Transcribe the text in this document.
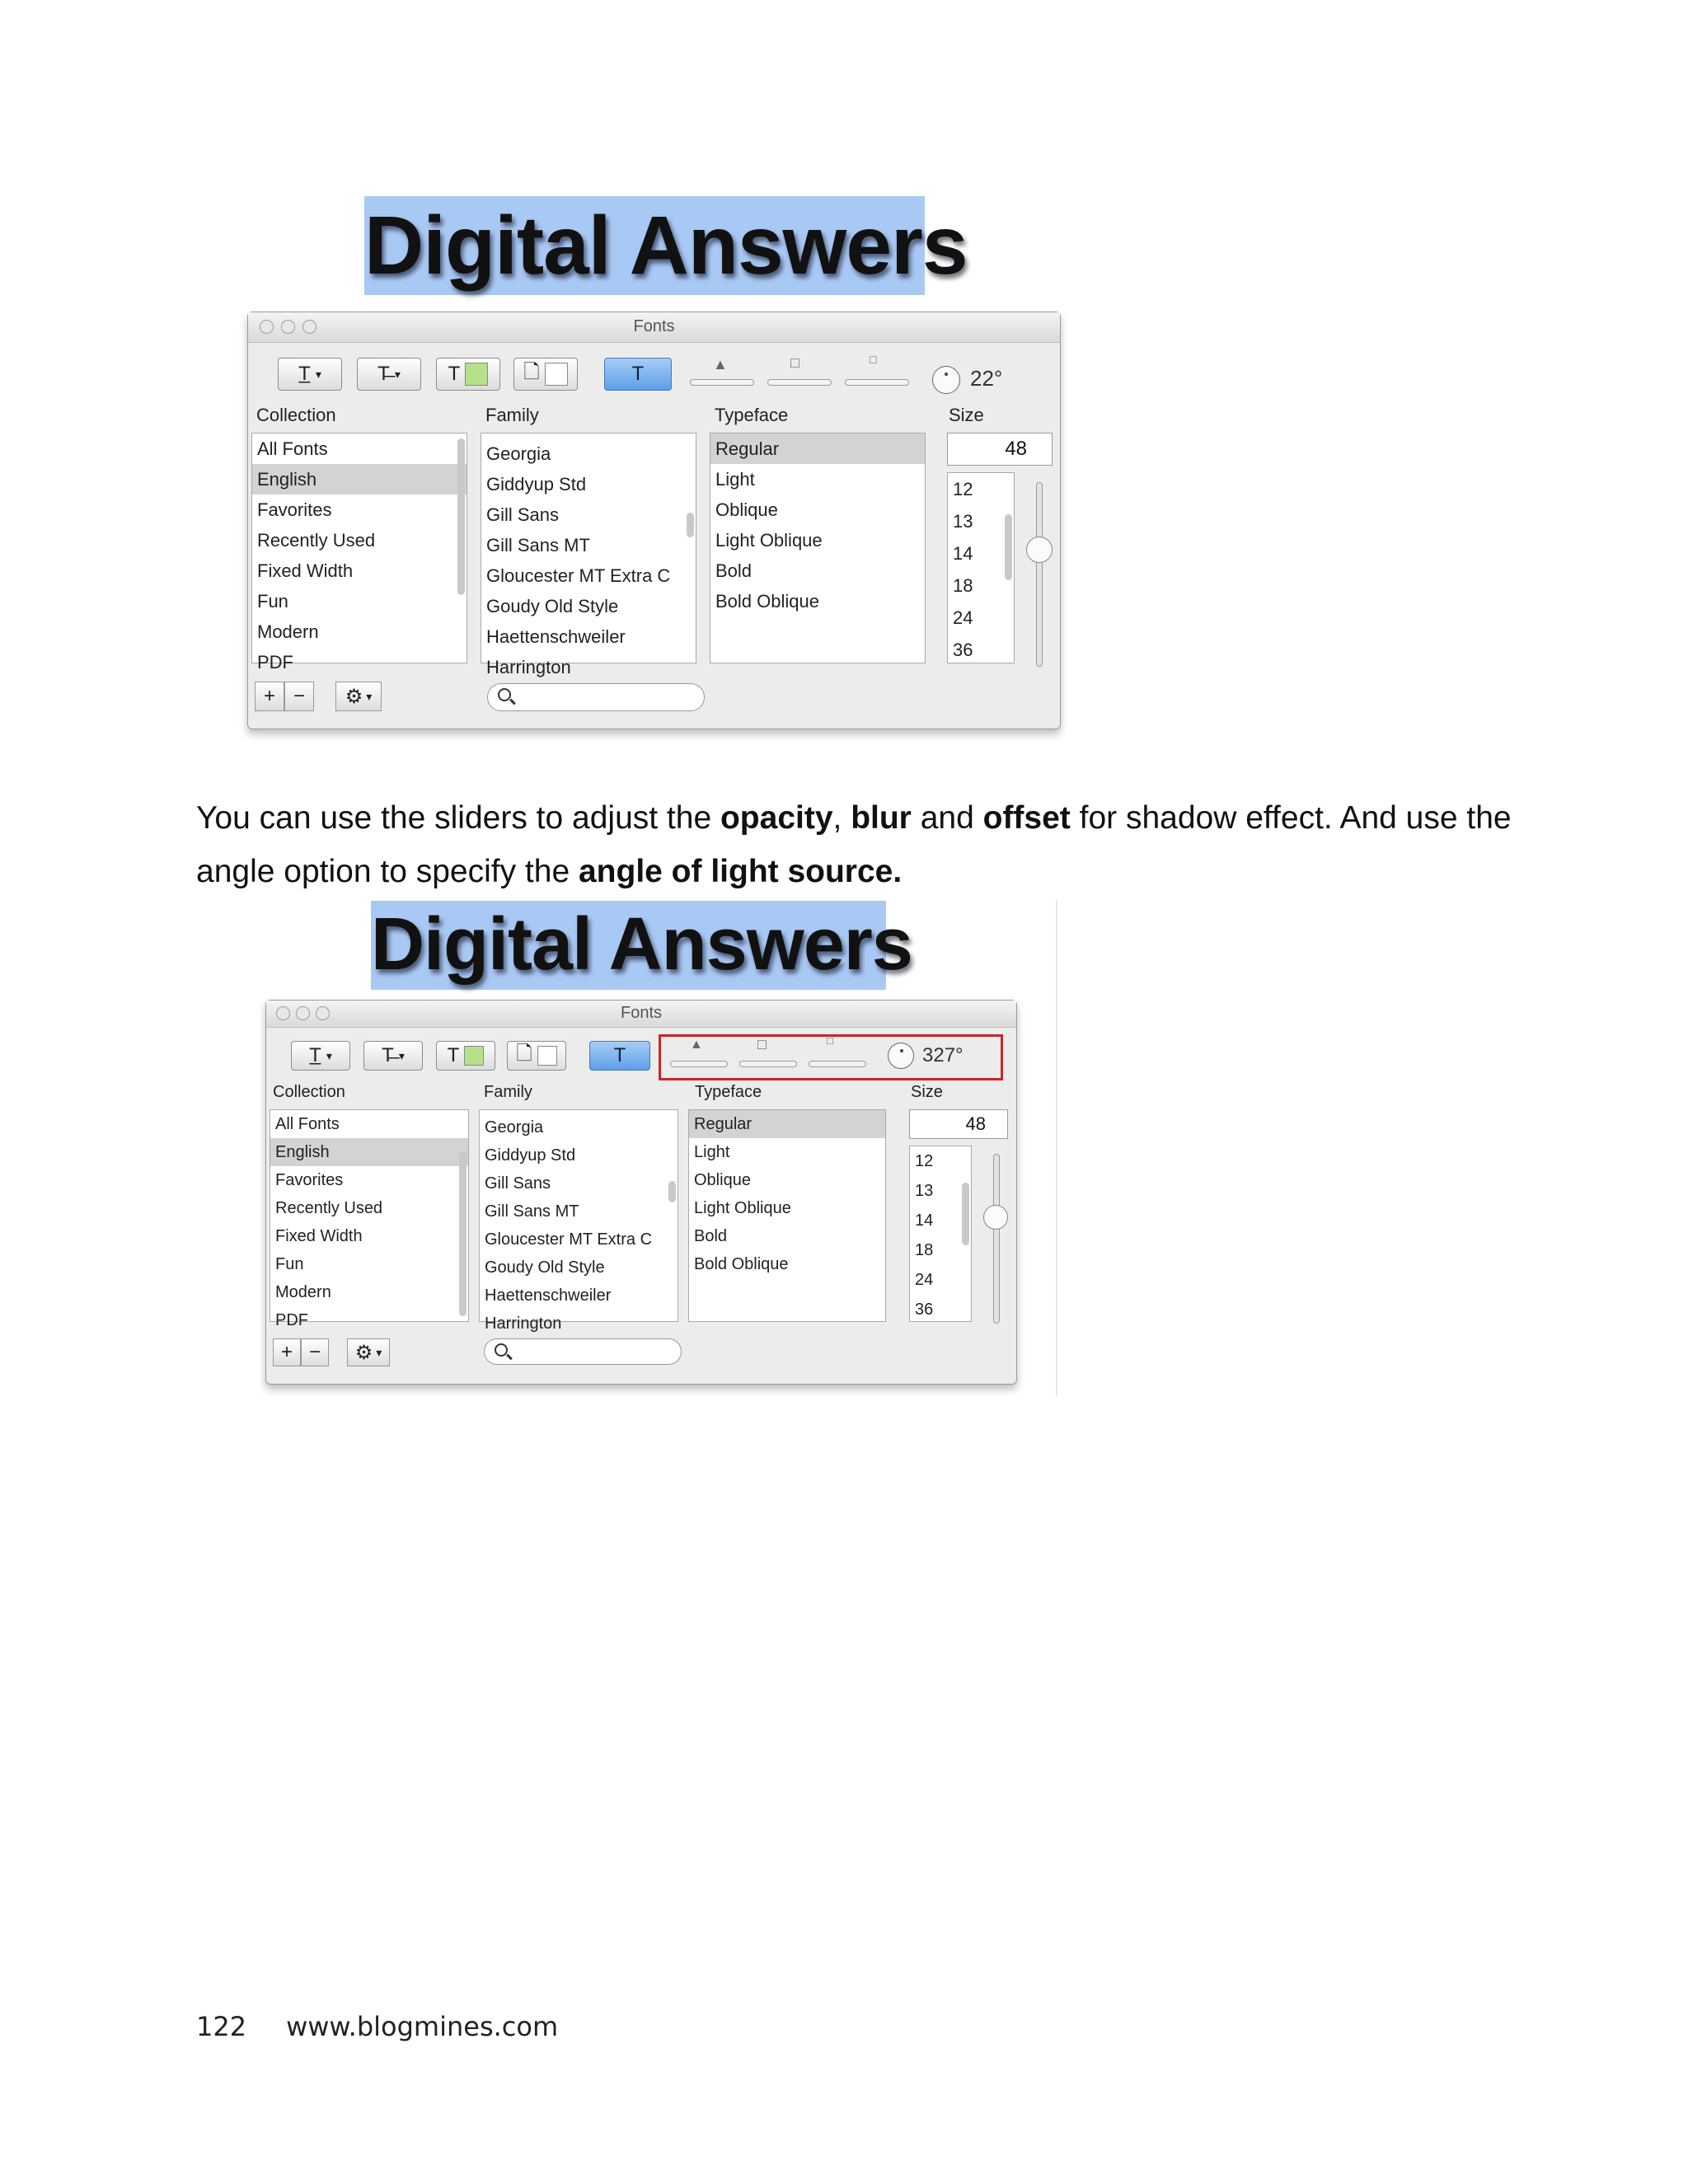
Digital Answers
Fonts
T̲ ▾	T̶ ▾ T	🗋	T	▲	□	□
22°
Collection	Family	Typeface	Size
All Fonts
English
Favorites
Recently Used
Fixed Width
Fun
Modern
PDF
Georgia
Giddyup Std
Gill Sans
Gill Sans MT
Gloucester MT Extra C
Goudy Old Style
Haettenschweiler
Harrington
Regular
Light
Oblique
Light Oblique
Bold
Bold Oblique
48
12
13
14
18
24
36
+ − ⚙ ▾
You can use the sliders to adjust the opacity, blur and offset for shadow effect. And use the angle option to specify the angle of light source.
Digital Answers
Fonts
T̲ ▾	T̶ ▾ T	🗋	T	▲	□	□
327°
Collection	Family	Typeface	Size
All Fonts
English
Favorites
Recently Used
Fixed Width
Fun
Modern
PDF
Georgia
Giddyup Std
Gill Sans
Gill Sans MT
Gloucester MT Extra C
Goudy Old Style
Haettenschweiler
Harrington
Regular
Light
Oblique
Light Oblique
Bold
Bold Oblique
48
12
13
14
18
24
36
+ − ⚙ ▾
122 www.blogmines.com
